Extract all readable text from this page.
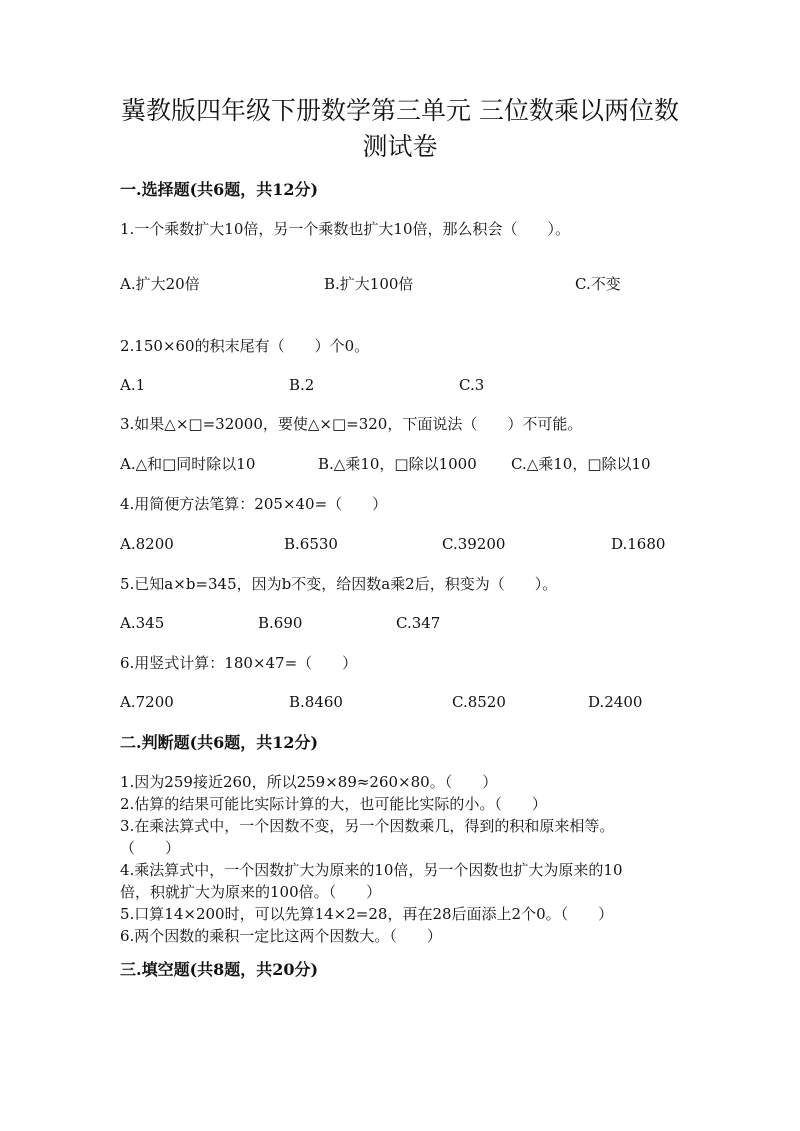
冀教版四年级下册数学第三单元 三位数乘以两位数
测试卷
一.选择题(共6题，共12分)
1.一个乘数扩大10倍，另一个乘数也扩大10倍，那么积会（　　）。
A.扩大20倍	B.扩大100倍	C.不变
2.150×60的积末尾有（　　）个0。
A.1	B.2	C.3
3.如果△×□=32000，要使△×□=320，下面说法（　　）不可能。
A.△和□同时除以10	B.△乘10，□除以1000 C.△乘10，□除以10
4.用简便方法笔算：205×40=（　　）
A.8200	B.6530	C.39200	D.1680
5.已知a×b=345，因为b不变，给因数a乘2后，积变为（　　）。
A.345	B.690	C.347
6.用竖式计算：180×47=（　　）
A.7200	B.8460	C.8520	D.2400
二.判断题(共6题，共12分)
1.因为259接近260，所以259×89≈260×80。（　　）
2.估算的结果可能比实际计算的大，也可能比实际的小。（　　）
3.在乘法算式中，一个因数不变，另一个因数乘几，得到的积和原来相等。
（　　）
4.乘法算式中，一个因数扩大为原来的10倍，另一个因数也扩大为原来的10
倍，积就扩大为原来的100倍。（　　）
5.口算14×200时，可以先算14×2=28，再在28后面添上2个0。（　　）
6.两个因数的乘积一定比这两个因数大。（　　）
三.填空题(共8题，共20分)
